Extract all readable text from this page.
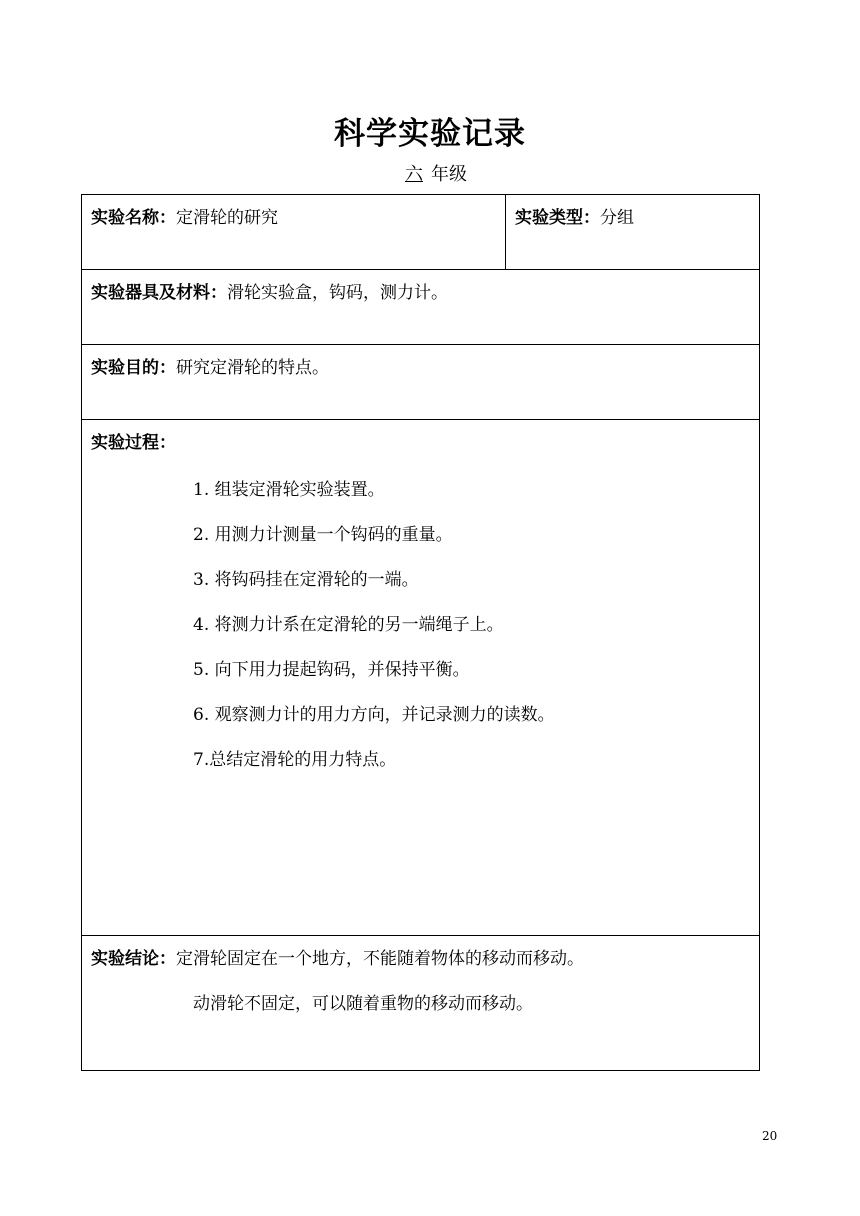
科学实验记录
六 年级
实验名称：定滑轮的研究	实验类型：分组
实验器具及材料：滑轮实验盒，钩码，测力计。
实验目的：研究定滑轮的特点。
实验过程：
1. 组装定滑轮实验装置。
2. 用测力计测量一个钩码的重量。
3. 将钩码挂在定滑轮的一端。
4. 将测力计系在定滑轮的另一端绳子上。
5. 向下用力提起钩码，并保持平衡。
6. 观察测力计的用力方向，并记录测力的读数。
7.总结定滑轮的用力特点。
实验结论：定滑轮固定在一个地方，不能随着物体的移动而移动。
动滑轮不固定，可以随着重物的移动而移动。
20
